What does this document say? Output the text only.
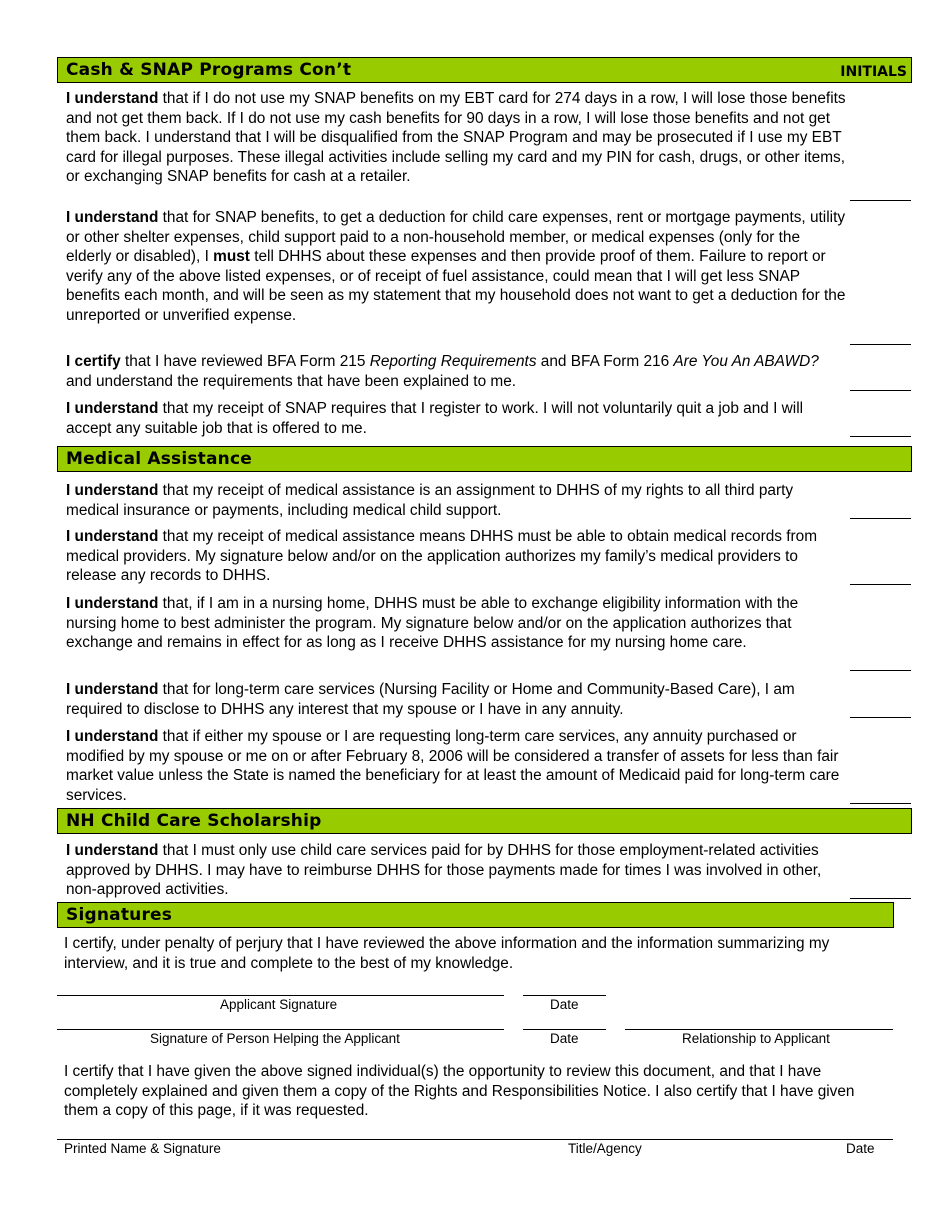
Cash & SNAP Programs Con’t	INITIALS
I understand that if I do not use my SNAP benefits on my EBT card for 274 days in a row, I will lose those benefits and not get them back. If I do not use my cash benefits for 90 days in a row, I will lose those benefits and not get them back. I understand that I will be disqualified from the SNAP Program and may be prosecuted if I use my EBT card for illegal purposes. These illegal activities include selling my card and my PIN for cash, drugs, or other items, or exchanging SNAP benefits for cash at a retailer.
I understand that for SNAP benefits, to get a deduction for child care expenses, rent or mortgage payments, utility or other shelter expenses, child support paid to a non-household member, or medical expenses (only for the elderly or disabled), I must tell DHHS about these expenses and then provide proof of them. Failure to report or verify any of the above listed expenses, or of receipt of fuel assistance, could mean that I will get less SNAP benefits each month, and will be seen as my statement that my household does not want to get a deduction for the unreported or unverified expense.
I certify that I have reviewed BFA Form 215 Reporting Requirements and BFA Form 216 Are You An ABAWD? and understand the requirements that have been explained to me.
I understand that my receipt of SNAP requires that I register to work. I will not voluntarily quit a job and I will accept any suitable job that is offered to me.
Medical Assistance
I understand that my receipt of medical assistance is an assignment to DHHS of my rights to all third party medical insurance or payments, including medical child support.
I understand that my receipt of medical assistance means DHHS must be able to obtain medical records from medical providers. My signature below and/or on the application authorizes my family’s medical providers to release any records to DHHS.
I understand that, if I am in a nursing home, DHHS must be able to exchange eligibility information with the nursing home to best administer the program. My signature below and/or on the application authorizes that exchange and remains in effect for as long as I receive DHHS assistance for my nursing home care.
I understand that for long-term care services (Nursing Facility or Home and Community-Based Care), I am required to disclose to DHHS any interest that my spouse or I have in any annuity.
I understand that if either my spouse or I are requesting long-term care services, any annuity purchased or modified by my spouse or me on or after February 8, 2006 will be considered a transfer of assets for less than fair market value unless the State is named the beneficiary for at least the amount of Medicaid paid for long-term care services.
NH Child Care Scholarship
I understand that I must only use child care services paid for by DHHS for those employment-related activities approved by DHHS. I may have to reimburse DHHS for those payments made for times I was involved in other, non-approved activities.
Signatures
I certify, under penalty of perjury that I have reviewed the above information and the information summarizing my interview, and it is true and complete to the best of my knowledge.
Applicant Signature	Date
Signature of Person Helping the Applicant	Date	Relationship to Applicant
I certify that I have given the above signed individual(s) the opportunity to review this document, and that I have completely explained and given them a copy of the Rights and Responsibilities Notice. I also certify that I have given them a copy of this page, if it was requested.
Printed Name & Signature	Title/Agency	Date
